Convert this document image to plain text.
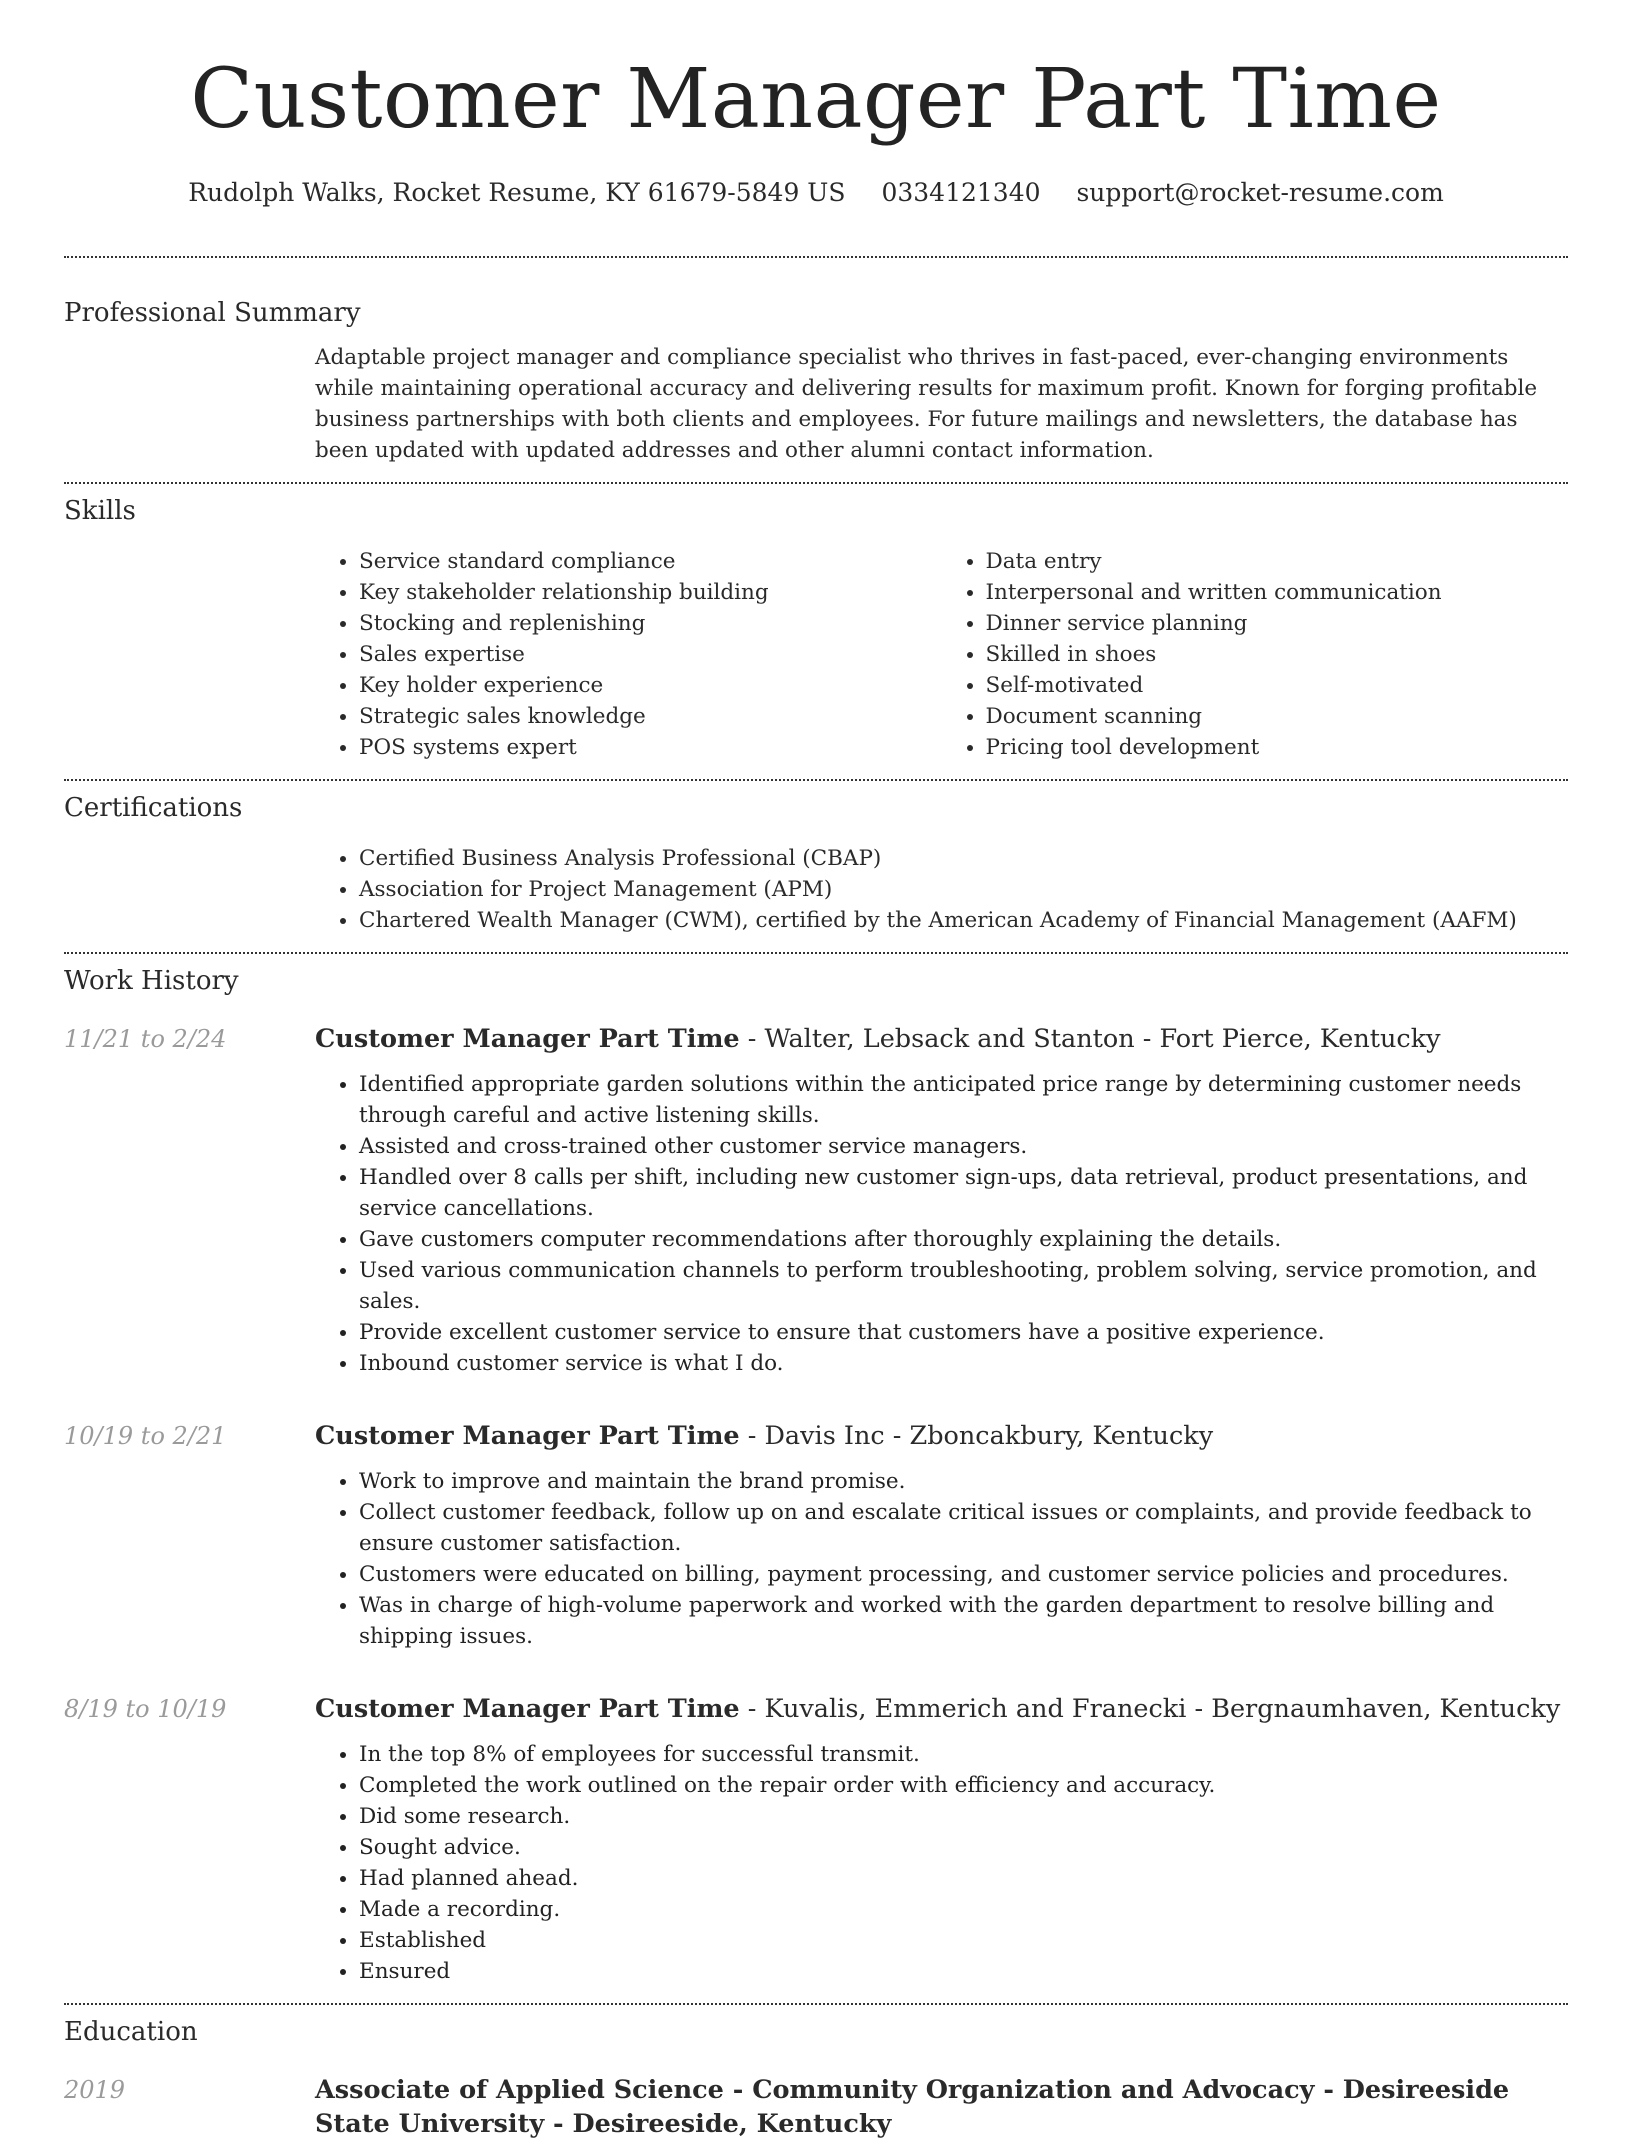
Customer Manager Part Time
Rudolph Walks, Rocket Resume, KY 61679-5849 US 0334121340 support@rocket-resume.com
Professional Summary
Adaptable project manager and compliance specialist who thrives in fast-paced, ever-changing environments while maintaining operational accuracy and delivering results for maximum profit. Known for forging profitable business partnerships with both clients and employees. For future mailings and newsletters, the database has been updated with updated addresses and other alumni contact information.
Skills
• Service standard compliance
• Key stakeholder relationship building
• Stocking and replenishing
• Sales expertise
• Key holder experience
• Strategic sales knowledge
• POS systems expert
• Data entry
• Interpersonal and written communication
• Dinner service planning
• Skilled in shoes
• Self-motivated
• Document scanning
• Pricing tool development
Certifications
• Certified Business Analysis Professional (CBAP)
• Association for Project Management (APM)
• Chartered Wealth Manager (CWM), certified by the American Academy of Financial Management (AAFM)
Work History
11/21 to 2/24	Customer Manager Part Time - Walter, Lebsack and Stanton - Fort Pierce, Kentucky
• Identified appropriate garden solutions within the anticipated price range by determining customer needs through careful and active listening skills.
• Assisted and cross-trained other customer service managers.
• Handled over 8 calls per shift, including new customer sign-ups, data retrieval, product presentations, and service cancellations.
• Gave customers computer recommendations after thoroughly explaining the details.
• Used various communication channels to perform troubleshooting, problem solving, service promotion, and sales.
• Provide excellent customer service to ensure that customers have a positive experience.
• Inbound customer service is what I do.
10/19 to 2/21	Customer Manager Part Time - Davis Inc - Zboncakbury, Kentucky
• Work to improve and maintain the brand promise.
• Collect customer feedback, follow up on and escalate critical issues or complaints, and provide feedback to ensure customer satisfaction.
• Customers were educated on billing, payment processing, and customer service policies and procedures.
• Was in charge of high-volume paperwork and worked with the garden department to resolve billing and shipping issues.
8/19 to 10/19	Customer Manager Part Time - Kuvalis, Emmerich and Franecki - Bergnaumhaven, Kentucky
• In the top 8% of employees for successful transmit.
• Completed the work outlined on the repair order with efficiency and accuracy.
• Did some research.
• Sought advice.
• Had planned ahead.
• Made a recording.
• Established
• Ensured
Education
2019	Associate of Applied Science - Community Organization and Advocacy - Desireeside State University - Desireeside, Kentucky
